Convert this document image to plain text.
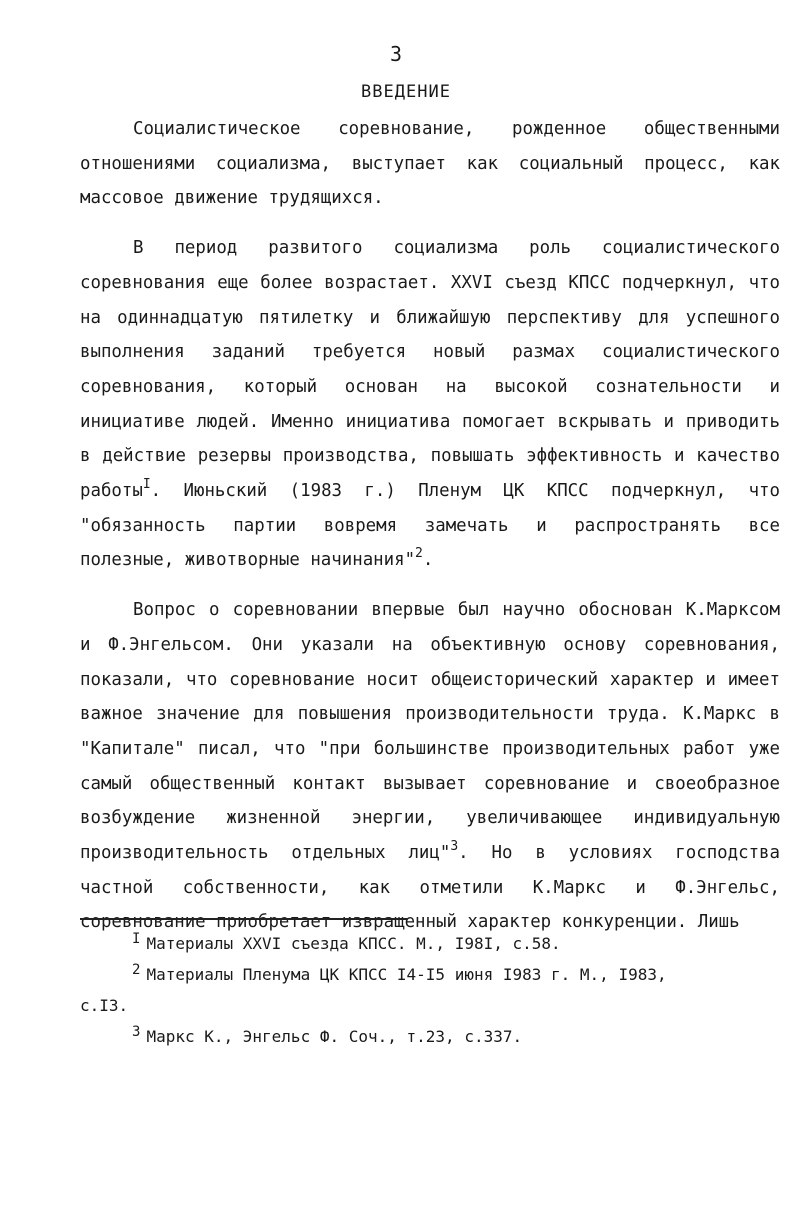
3
ВВЕДЕНИЕ

Социалистическое соревнование, рожденное общественными отношениями социализма, выступает как социальный процесс, как массовое движение трудящихся.

В период развитого социализма роль социалистического соревнования еще более возрастает. XXVI съезд КПСС подчеркнул, что на одиннадцатую пятилетку и ближайшую перспективу для успешного выполнения заданий требуется новый размах социалистического соревнования, который основан на высокой сознательности и инициативе людей. Именно инициатива помогает вскрывать и приводить в действие резервы производства, повышать эффективность и качество работы$^I$. Июньский (1983 г.) Пленум ЦК КПСС подчеркнул, что "обязанность партии вовремя замечать и распространять все полезные, животворные начинания"$^2$.

Вопрос о соревновании впервые был научно обоснован К.Марксом и Ф.Энгельсом. Они указали на объективную основу соревнования, показали, что соревнование носит общеисторический характер и имеет важное значение для повышения производительности труда. К.Маркс в "Капитале" писал, что "при большинстве производительных работ уже самый общественный контакт вызывает соревнование и своеобразное возбуждение жизненной энергии, увеличивающее индивидуальную производительность отдельных лиц"$^3$. Но в условиях господства частной собственности, как отметили К.Маркс и Ф.Энгельс, соревнование приобретает извращенный характер конкуренции. Лишь

I Материалы XXVI съезда КПСС. М., I98I, с.58.

2 Материалы Пленума ЦК КПСС I4-I5 июня I983 г. М., I983,
с.I3.

3 Маркс К., Энгельс Ф. Соч., т.23, с.337.
